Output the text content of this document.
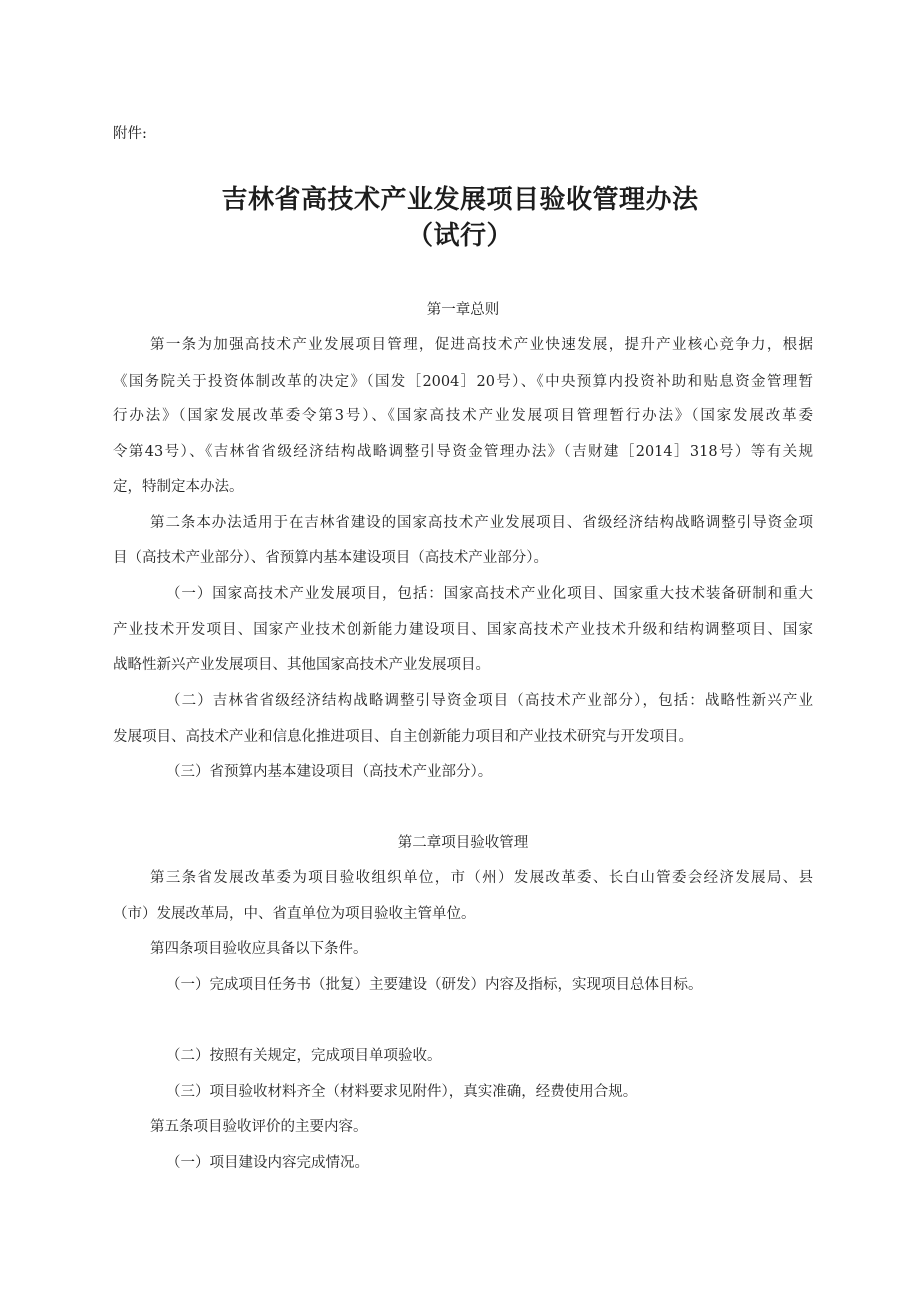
附件:

吉林省高技术产业发展项目验收管理办法
（试行）

第一章总则

第一条为加强高技术产业发展项目管理，促进高技术产业快速发展，提升产业核心竞争力，根据

《国务院关于投资体制改革的决定》（国发［2004］20号）、《中央预算内投资补助和贴息资金管理暂

行办法》（国家发展改革委令第3号）、《国家高技术产业发展项目管理暂行办法》（国家发展改革委

令第43号）、《吉林省省级经济结构战略调整引导资金管理办法》（吉财建［2014］318号）等有关规

定，特制定本办法。

第二条本办法适用于在吉林省建设的国家高技术产业发展项目、省级经济结构战略调整引导资金项

目（高技术产业部分）、省预算内基本建设项目（高技术产业部分）。

（一）国家高技术产业发展项目，包括：国家高技术产业化项目、国家重大技术装备研制和重大

产业技术开发项目、国家产业技术创新能力建设项目、国家高技术产业技术升级和结构调整项目、国家

战略性新兴产业发展项目、其他国家高技术产业发展项目。

（二）吉林省省级经济结构战略调整引导资金项目（高技术产业部分），包括：战略性新兴产业

发展项目、高技术产业和信息化推进项目、自主创新能力项目和产业技术研究与开发项目。

（三）省预算内基本建设项目（高技术产业部分）。

第二章项目验收管理

第三条省发展改革委为项目验收组织单位，市（州）发展改革委、长白山管委会经济发展局、县

（市）发展改革局，中、省直单位为项目验收主管单位。

第四条项目验收应具备以下条件。

（一）完成项目任务书（批复）主要建设（研发）内容及指标，实现项目总体目标。

（二）按照有关规定，完成项目单项验收。

（三）项目验收材料齐全（材料要求见附件），真实准确，经费使用合规。

第五条项目验收评价的主要内容。

（一）项目建设内容完成情况。
